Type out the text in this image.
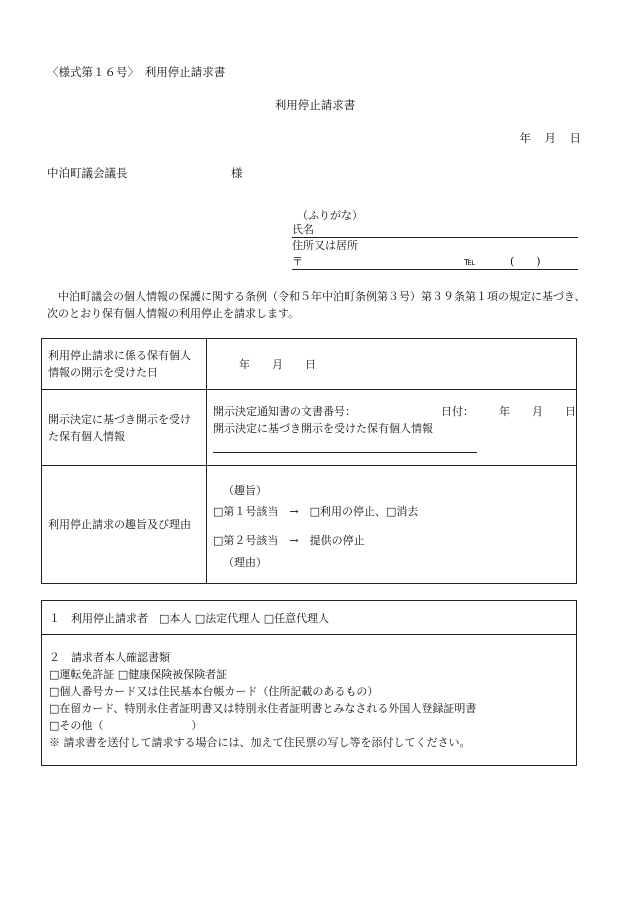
〈様式第１６号〉　利用停止請求書
利用停止請求書
年　月　日
中泊町議会議長	様
（ふりがな）
氏名
住所又は居所
〒	℡	(　　)
　中泊町議会の個人情報の保護に関する条例（令和５年中泊町条例第３号）第３９条第１項の規定に基づき、次のとおり保有個人情報の利用停止を請求します。
利用停止請求に係る保有個人情報の開示を受けた日	年　　月　　日
開示決定に基づき開示を受けた保有個人情報	開示決定通知書の文書番号： 日付： 年　　月　　日
開示決定に基づき開示を受けた保有個人情報

利用停止請求の趣旨及び理由	（趣旨）
□第１号該当　→　□利用の停止、□消去
□第２号該当　→　提供の停止
（理由）
１　利用停止請求者　□本人 □法定代理人 □任意代理人

２　請求者本人確認書類
□運転免許証 □健康保険被保険者証
□個人番号カード又は住民基本台帳カード（住所記載のあるもの）
□在留カード、特別永住者証明書又は特別永住者証明書とみなされる外国人登録証明書
□その他（　　　　　　　　）
※ 請求書を送付して請求する場合には、加えて住民票の写し等を添付してください。
